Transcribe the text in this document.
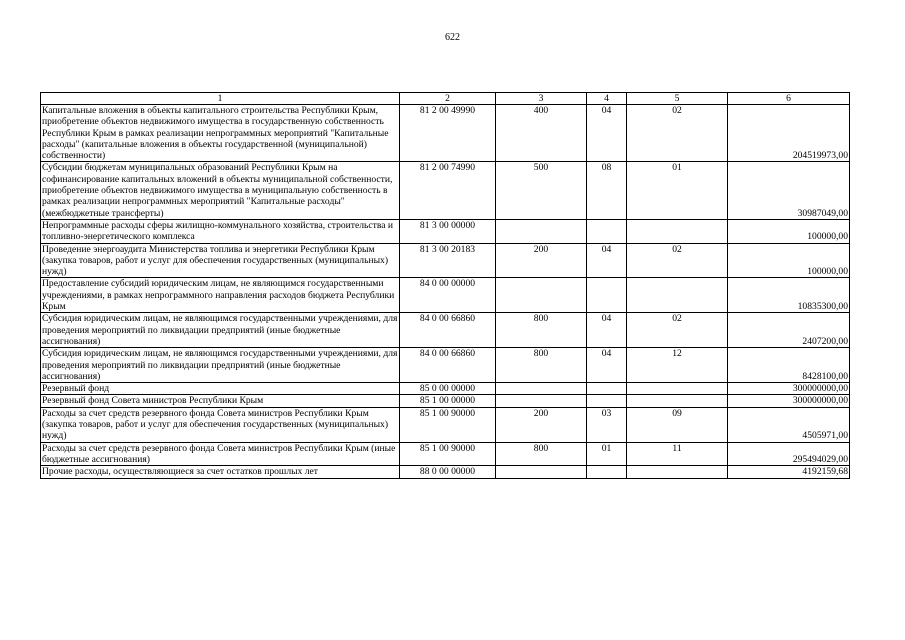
622
1	2	3	4	5	6
Капитальные вложения в объекты капитального строительства Республики Крым, приобретение объектов недвижимого имущества в государственную собственность Республики Крым в рамках реализации непрограммных мероприятий "Капитальные расходы" (капитальные вложения в объекты государственной (муниципальной) собственности)	81 2 00 49990	400	04	02	204519973,00
Субсидии бюджетам муниципальных образований Республики Крым на софинансирование капитальных вложений в объекты муниципальной собственности, приобретение объектов недвижимого имущества в муниципальную собственность в рамках реализации непрограммных мероприятий "Капитальные расходы" (межбюджетные трансферты)	81 2 00 74990	500	08	01	30987049,00
Непрограммные расходы сферы жилищно-коммунального хозяйства, строительства и топливно-энергетического комплекса	81 3 00 00000				100000,00
Проведение энергоаудита Министерства топлива и энергетики Республики Крым (закупка товаров, работ и услуг для обеспечения государственных (муниципальных) нужд)	81 3 00 20183	200	04	02	100000,00
Предоставление субсидий юридическим лицам, не являющимся государственными учреждениями, в рамках непрограммного направления расходов бюджета Республики Крым	84 0 00 00000				10835300,00
Субсидия юридическим лицам, не являющимся государственными учреждениями, для проведения мероприятий по ликвидации предприятий (иные бюджетные ассигнования)	84 0 00 66860	800	04	02	2407200,00
Субсидия юридическим лицам, не являющимся государственными учреждениями, для проведения мероприятий по ликвидации предприятий (иные бюджетные ассигнования)	84 0 00 66860	800	04	12	8428100,00
Резервный фонд	85 0 00 00000				300000000,00
Резервный фонд Совета министров Республики Крым	85 1 00 00000				300000000,00
Расходы за счет средств резервного фонда Совета министров Республики Крым (закупка товаров, работ и услуг для обеспечения государственных (муниципальных) нужд)	85 1 00 90000	200	03	09	4505971,00
Расходы за счет средств резервного фонда Совета министров Республики Крым (иные бюджетные ассигнования)	85 1 00 90000	800	01	11	295494029,00
Прочие расходы, осуществляющиеся за счет остатков прошлых лет	88 0 00 00000				4192159,68
